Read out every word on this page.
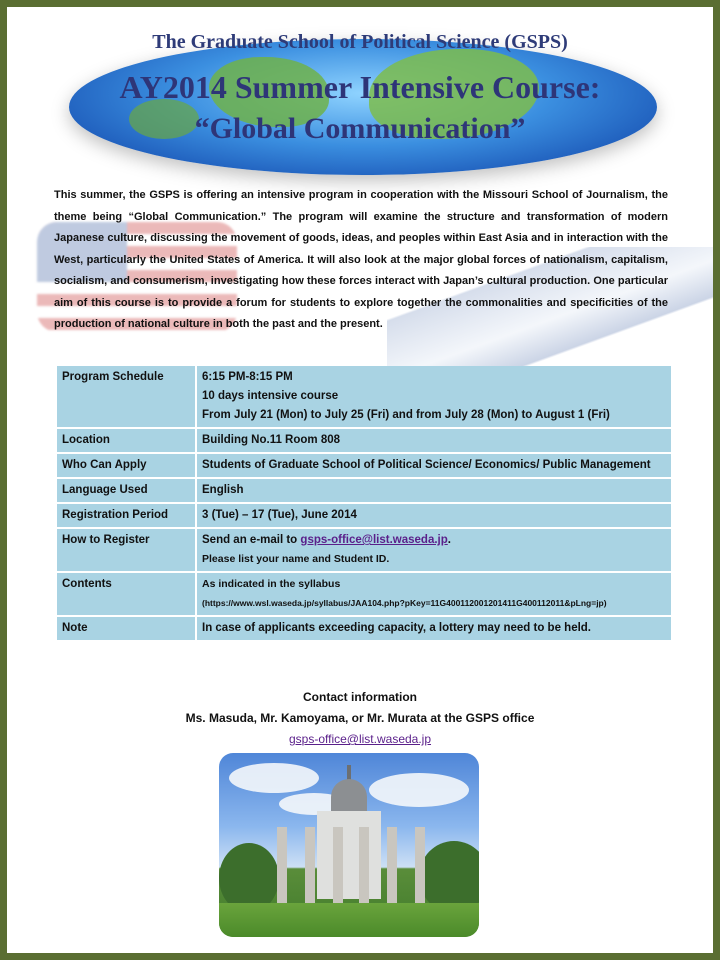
The Graduate School of Political Science (GSPS)
AY2014 Summer Intensive Course:
“Global Communication”
This summer, the GSPS is offering an intensive program in cooperation with the Missouri School of Journalism, the theme being “Global Communication.” The program will examine the structure and transformation of modern Japanese culture, discussing the movement of goods, ideas, and peoples within East Asia and in interaction with the West, particularly the United States of America. It will also look at the major global forces of nationalism, capitalism, socialism, and consumerism, investigating how these forces interact with Japan’s cultural production. One particular aim of this course is to provide a forum for students to explore together the commonalities and specificities of the production of national culture in both the past and the present.
Program Schedule	6:15 PM-8:15 PM
10 days intensive course
From July 21 (Mon) to July 25 (Fri) and from July 28 (Mon) to August 1 (Fri)

Location	Building No.11 Room 808
Who Can Apply	Students of Graduate School of Political Science/ Economics/ Public Management
Language Used	English
Registration Period	3 (Tue) – 17 (Tue), June 2014
How to Register	Send an e-mail to gsps-office@list.waseda.jp.
Please list your name and Student ID.

Contents	As indicated in the syllabus
(https://www.wsl.waseda.jp/syllabus/JAA104.php?pKey=11G400112001201411G400112011&pLng=jp)

Note	In case of applicants exceeding capacity, a lottery may need to be held.
Contact information
Ms. Masuda, Mr. Kamoyama, or Mr. Murata at the GSPS office
gsps-office@list.waseda.jp
